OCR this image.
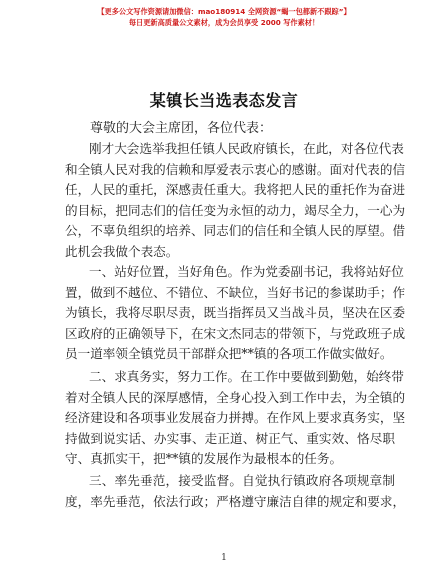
【更多公文写作资源请加微信：mao180914 全网资源“蝎一包都新不跟踪”】
每日更新高质量公文素材，成为会员享受 2000 写作素材！
某镇长当选表态发言
尊敬的大会主席团，各位代表：
刚才大会选举我担任镇人民政府镇长，在此，对各位代表
和全镇人民对我的信赖和厚爱表示衷心的感谢。面对代表的信
任，人民的重托，深感责任重大。我将把人民的重托作为奋进
的目标，把同志们的信任变为永恒的动力，竭尽全力，一心为
公，不辜负组织的培养、同志们的信任和全镇人民的厚望。借
此机会我做个表态。
一、站好位置，当好角色。作为党委副书记，我将站好位
置，做到不越位、不错位、不缺位，当好书记的参谋助手；作
为镇长，我将尽职尽责，既当指挥员又当战斗员，坚决在区委
区政府的正确领导下，在宋文杰同志的带领下，与党政班子成
员一道率领全镇党员干部群众把**镇的各项工作做实做好。
二、求真务实，努力工作。在工作中要做到勤勉，始终带
着对全镇人民的深厚感情，全身心投入到工作中去，为全镇的
经济建设和各项事业发展奋力拼搏。在作风上要求真务实，坚
持做到说实话、办实事、走正道、树正气、重实效、恪尽职
守、真抓实干，把**镇的发展作为最根本的任务。
三、率先垂范，接受监督。自觉执行镇政府各项规章制
度，率先垂范，依法行政；严格遵守廉洁自律的规定和要求，
1
